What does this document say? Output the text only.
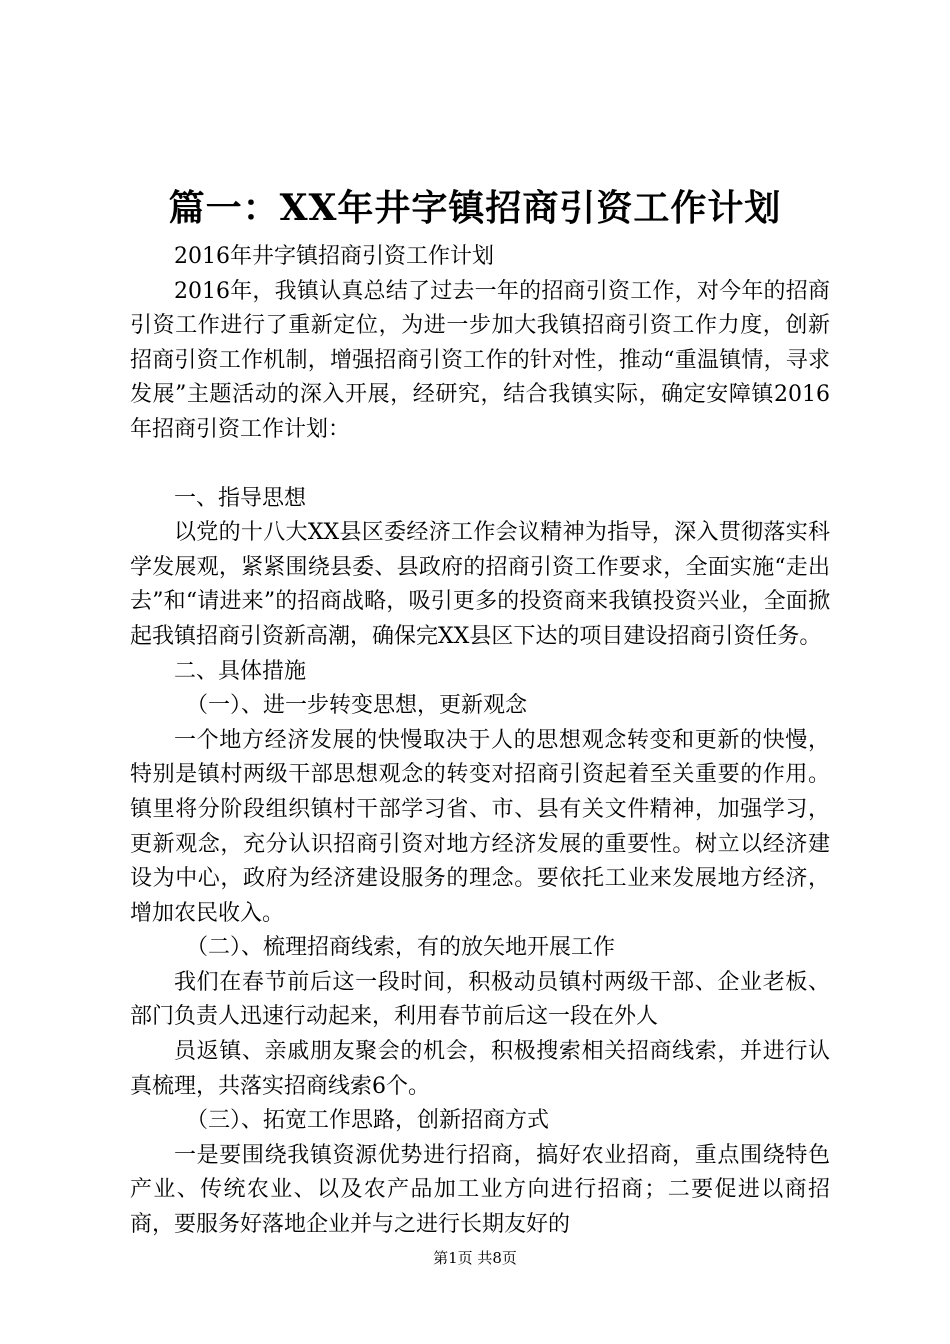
篇一：XX年井字镇招商引资工作计划

2016年井字镇招商引资工作计划

2016年，我镇认真总结了过去一年的招商引资工作，对今年的招商引资工作进行了重新定位，为进一步加大我镇招商引资工作力度，创新招商引资工作机制，增强招商引资工作的针对性，推动“重温镇情，寻求发展”主题活动的深入开展，经研究，结合我镇实际，确定安障镇2016年招商引资工作计划：

一、指导思想

以党的十八大XX县区委经济工作会议精神为指导，深入贯彻落实科学发展观，紧紧围绕县委、县政府的招商引资工作要求，全面实施“走出去”和“请进来”的招商战略，吸引更多的投资商来我镇投资兴业，全面掀起我镇招商引资新高潮，确保完XX县区下达的项目建设招商引资任务。

二、具体措施

（一）、进一步转变思想，更新观念

一个地方经济发展的快慢取决于人的思想观念转变和更新的快慢，特别是镇村两级干部思想观念的转变对招商引资起着至关重要的作用。镇里将分阶段组织镇村干部学习省、市、县有关文件精神，加强学习，更新观念，充分认识招商引资对地方经济发展的重要性。树立以经济建设为中心，政府为经济建设服务的理念。要依托工业来发展地方经济，增加农民收入。

（二）、梳理招商线索，有的放矢地开展工作

我们在春节前后这一段时间，积极动员镇村两级干部、企业老板、部门负责人迅速行动起来，利用春节前后这一段在外人

员返镇、亲戚朋友聚会的机会，积极搜索相关招商线索，并进行认真梳理，共落实招商线索6个。

（三）、拓宽工作思路，创新招商方式

一是要围绕我镇资源优势进行招商，搞好农业招商，重点围绕特色产业、传统农业、以及农产品加工业方向进行招商；二要促进以商招商，要服务好落地企业并与之进行长期友好的

第1页 共8页
